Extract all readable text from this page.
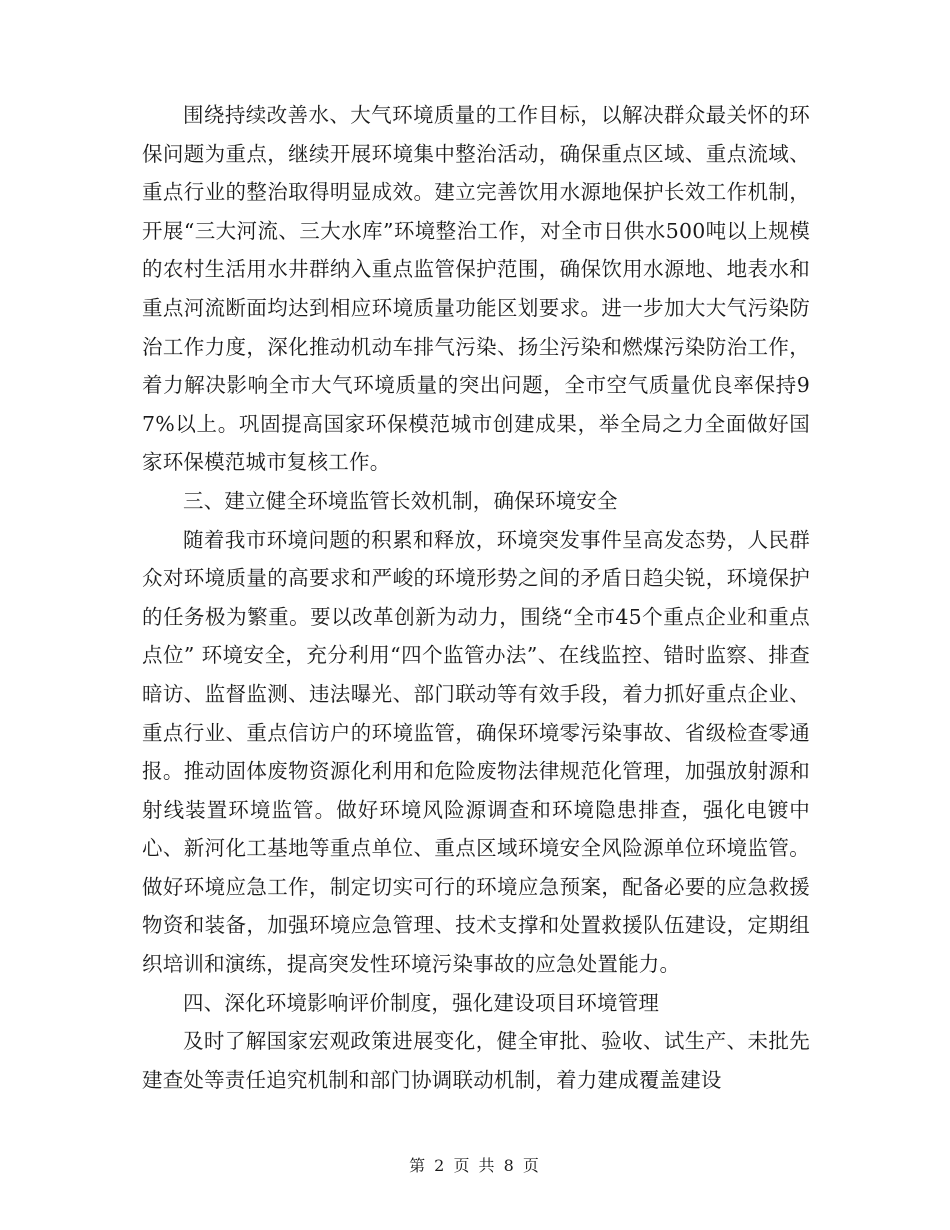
围绕持续改善水、大气环境质量的工作目标，以解决群众最关怀的环保问题为重点，继续开展环境集中整治活动，确保重点区域、重点流域、重点行业的整治取得明显成效。建立完善饮用水源地保护长效工作机制，开展“三大河流、三大水库”环境整治工作，对全市日供水500吨以上规模的农村生活用水井群纳入重点监管保护范围，确保饮用水源地、地表水和重点河流断面均达到相应环境质量功能区划要求。进一步加大大气污染防治工作力度，深化推动机动车排气污染、扬尘污染和燃煤污染防治工作，着力解决影响全市大气环境质量的突出问题，全市空气质量优良率保持97%以上。巩固提高国家环保模范城市创建成果，举全局之力全面做好国家环保模范城市复核工作。

三、建立健全环境监管长效机制，确保环境安全

随着我市环境问题的积累和释放，环境突发事件呈高发态势，人民群众对环境质量的高要求和严峻的环境形势之间的矛盾日趋尖锐，环境保护的任务极为繁重。要以改革创新为动力，围绕“全市45个重点企业和重点点位” 环境安全，充分利用“四个监管办法”、在线监控、错时监察、排查暗访、监督监测、违法曝光、部门联动等有效手段，着力抓好重点企业、重点行业、重点信访户的环境监管，确保环境零污染事故、省级检查零通报。推动固体废物资源化利用和危险废物法律规范化管理，加强放射源和射线装置环境监管。做好环境风险源调查和环境隐患排查，强化电镀中心、新河化工基地等重点单位、重点区域环境安全风险源单位环境监管。做好环境应急工作，制定切实可行的环境应急预案，配备必要的应急救援物资和装备，加强环境应急管理、技术支撑和处置救援队伍建设，定期组织培训和演练，提高突发性环境污染事故的应急处置能力。

四、深化环境影响评价制度，强化建设项目环境管理

及时了解国家宏观政策进展变化，健全审批、验收、试生产、未批先建查处等责任追究机制和部门协调联动机制，着力建成覆盖建设

第 2 页 共 8 页
